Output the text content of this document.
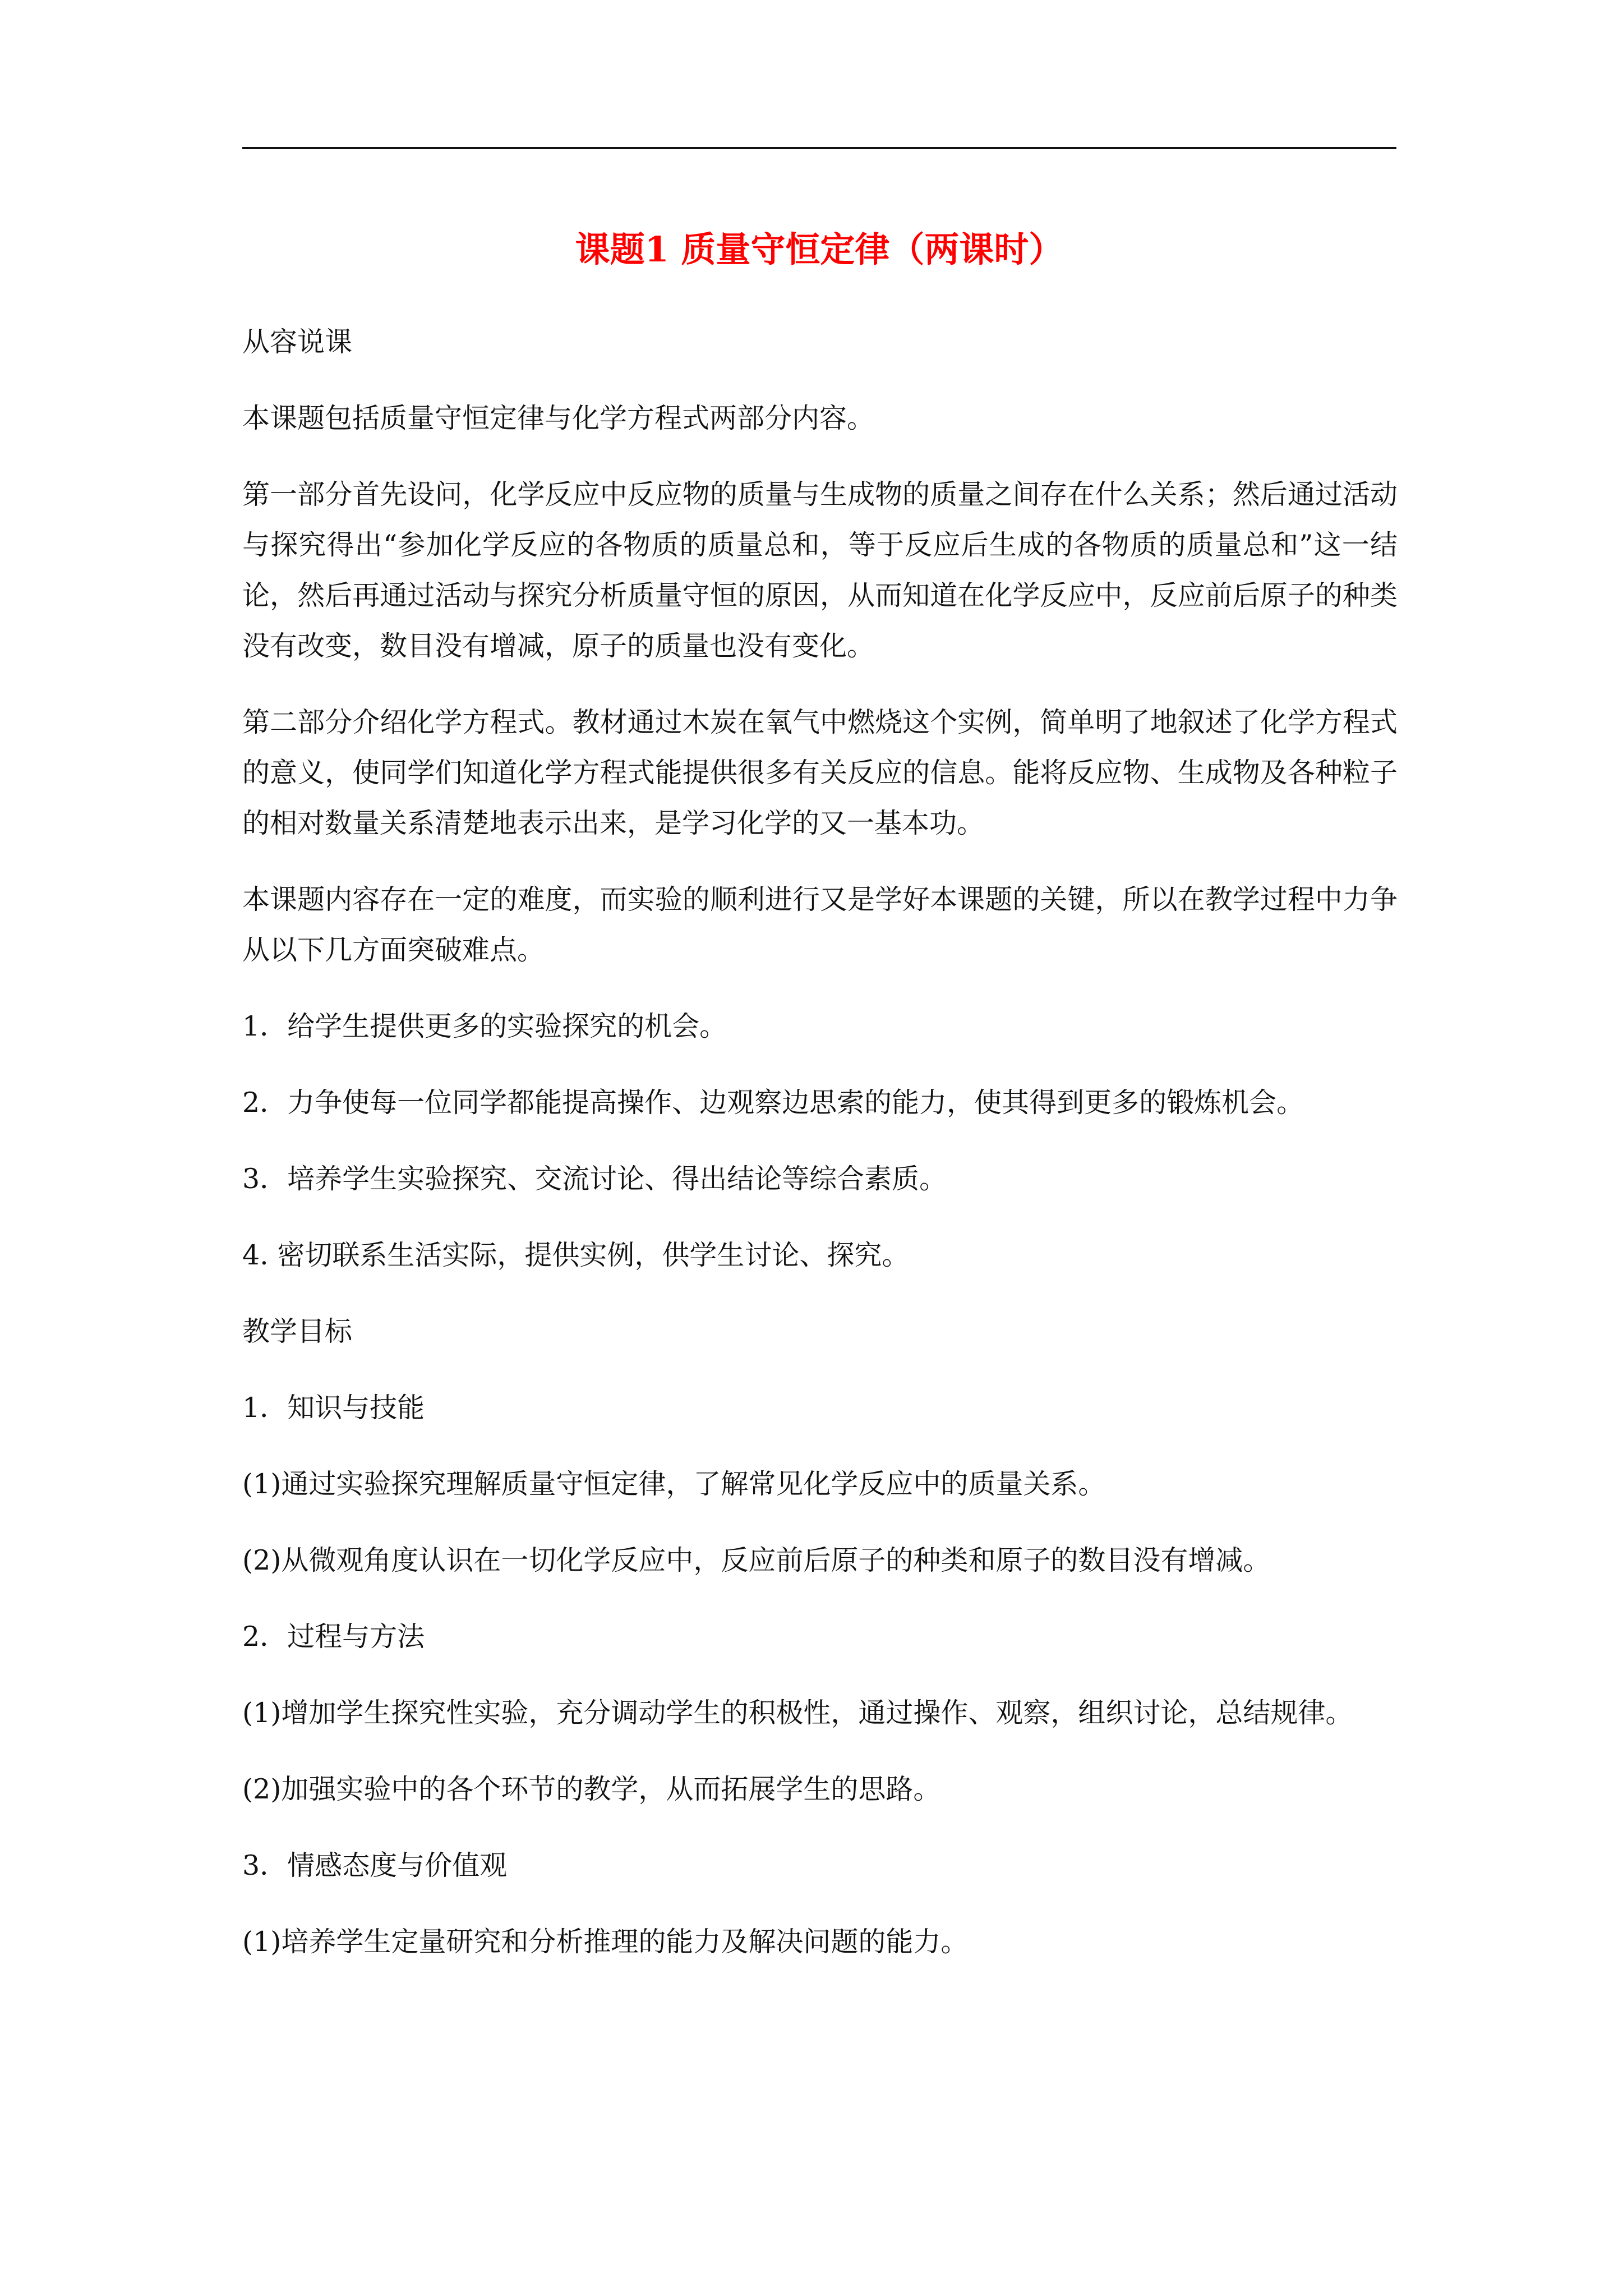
课题1 质量守恒定律（两课时）

从容说课

本课题包括质量守恒定律与化学方程式两部分内容。

第一部分首先设问，化学反应中反应物的质量与生成物的质量之间存在什么关系；然后通过活动与探究得出“参加化学反应的各物质的质量总和，等于反应后生成的各物质的质量总和”这一结论，然后再通过活动与探究分析质量守恒的原因，从而知道在化学反应中，反应前后原子的种类没有改变，数目没有增减，原子的质量也没有变化。

第二部分介绍化学方程式。教材通过木炭在氧气中燃烧这个实例，简单明了地叙述了化学方程式的意义，使同学们知道化学方程式能提供很多有关反应的信息。能将反应物、生成物及各种粒子的相对数量关系清楚地表示出来，是学习化学的又一基本功。

本课题内容存在一定的难度，而实验的顺利进行又是学好本课题的关键，所以在教学过程中力争从以下几方面突破难点。

1．给学生提供更多的实验探究的机会。

2．力争使每一位同学都能提高操作、边观察边思索的能力，使其得到更多的锻炼机会。

3．培养学生实验探究、交流讨论、得出结论等综合素质。

4. 密切联系生活实际，提供实例，供学生讨论、探究。

教学目标

1．知识与技能

(1)通过实验探究理解质量守恒定律，了解常见化学反应中的质量关系。

(2)从微观角度认识在一切化学反应中，反应前后原子的种类和原子的数目没有增减。

2．过程与方法

(1)增加学生探究性实验，充分调动学生的积极性，通过操作、观察，组织讨论，总结规律。

(2)加强实验中的各个环节的教学，从而拓展学生的思路。

3．情感态度与价值观

(1)培养学生定量研究和分析推理的能力及解决问题的能力。
